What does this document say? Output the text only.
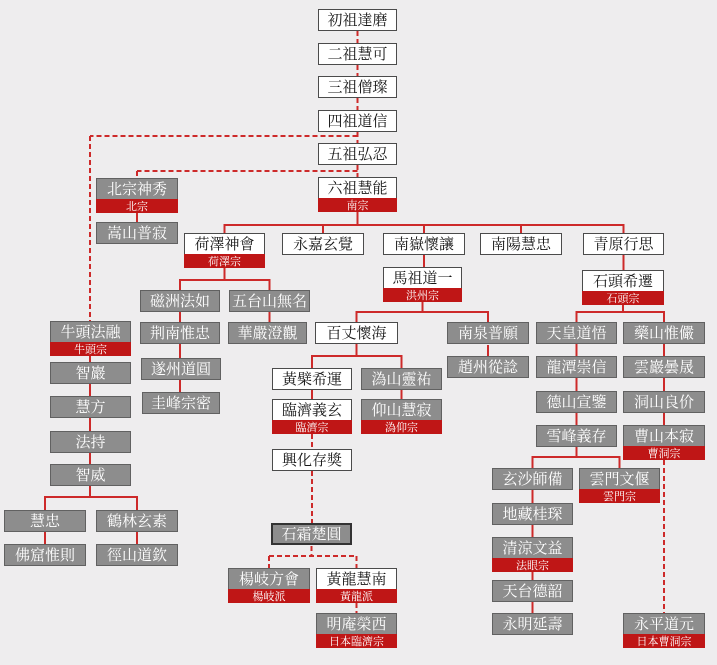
初祖達磨
二祖慧可
三祖僧璨
四祖道信
五祖弘忍
六祖慧能
南宗
北宗神秀
北宗
嵩山普寂
荷澤神會
荷澤宗
永嘉玄覺	南嶽懷讓 南陽慧忠	青原行思
馬祖道一
洪州宗
石頭希遷
石頭宗
磁洲法如 五台山無名
荆南惟忠 華嚴澄觀
遂州道圓
圭峰宗密
牛頭法融
牛頭宗
智巖
慧方
法持
智威
慧忠	鶴林玄素
佛窟惟則 徑山道欽
百丈懷海	南泉普願
趙州從諗
天皇道悟
龍潭崇信
德山宣鑒
雪峰義存
藥山惟儼
雲巖曇晟
洞山良价
曹山本寂
曹洞宗
玄沙師備 雲門文偃
雲門宗
地藏桂琛
清涼文益
法眼宗
天台德韶
永明延壽	永平道元
日本曹洞宗
興化存獎
石霜楚圓
楊岐方會
楊岐派
黃龍慧南
黃龍派
明庵榮西
日本臨濟宗
黃檗希運 溈山靈祐
臨濟義玄
臨濟宗
仰山慧寂
溈仰宗
